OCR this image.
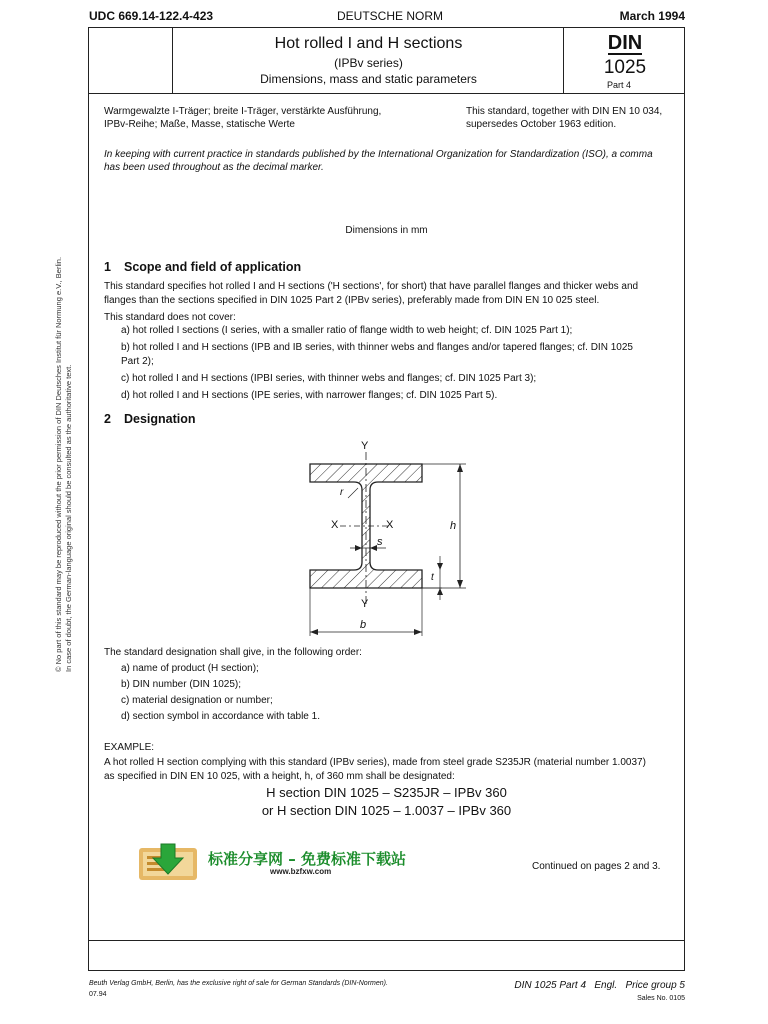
UDC 669.14-122.4-423	DEUTSCHE NORM	March 1994
Hot rolled I and H sections
(IPBv series)
Dimensions, mass and static parameters
DIN
1025
Part 4
Warmgewalzte I-Träger; breite I-Träger, verstärkte Ausführung,
IPBv-Reihe; Maße, Masse, statische Werte
This standard, together with DIN EN 10 034,
supersedes October 1963 edition.
In keeping with current practice in standards published by the International Organization for Standardization (ISO), a comma
has been used throughout as the decimal marker.
Dimensions in mm
1 Scope and field of application
This standard specifies hot rolled I and H sections ('H sections', for short) that have parallel flanges and thicker webs and
flanges than the sections specified in DIN 1025 Part 2 (IPBv series), preferably made from DIN EN 10 025 steel.
This standard does not cover:
a) hot rolled I sections (I series, with a smaller ratio of flange width to web height; cf. DIN 1025 Part 1);
b) hot rolled I and H sections (IPB and IB series, with thinner webs and flanges and/or tapered flanges; cf. DIN 1025
Part 2);
c) hot rolled I and H sections (IPBI series, with thinner webs and flanges; cf. DIN 1025 Part 3);
d) hot rolled I and H sections (IPE series, with narrower flanges; cf. DIN 1025 Part 5).
2 Designation
Y
Y
X	X
r
s
h
t
b
The standard designation shall give, in the following order:
a) name of product (H section);
b) DIN number (DIN 1025);
c) material designation or number;
d) section symbol in accordance with table 1.
EXAMPLE:
A hot rolled H section complying with this standard (IPBv series), made from steel grade S235JR (material number 1.0037)
as specified in DIN EN 10 025, with a height, h, of 360 mm shall be designated:
H section DIN 1025 – S235JR – IPBv 360
or H section DIN 1025 – 1.0037 – IPBv 360
标准分享网 – 免费标准下载站
www.bzfxw.com	Continued on pages 2 and 3.
© No part of this standard may be reproduced without the prior permission of DIN Deutsches Institut für Normung e.V., Berlin. In case of doubt, the German-language original should be consulted as the authoritative text.
Beuth Verlag GmbH, Berlin, has the exclusive right of sale for German Standards (DIN-Normen).
07.94
DIN 1025 Part 4   Engl.   Price group 5
Sales No. 0105
